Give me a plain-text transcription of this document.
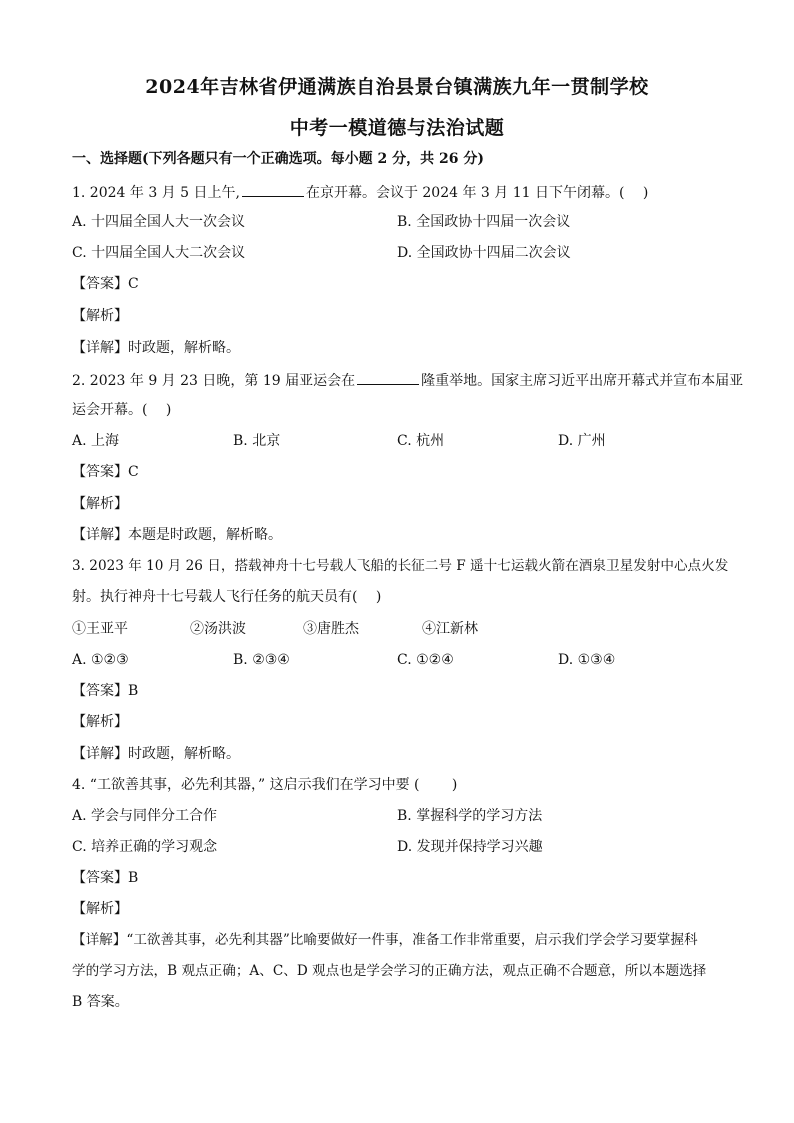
2024年吉林省伊通满族自治县景台镇满族九年一贯制学校
中考一模道德与法治试题
一、选择题(下列各题只有一个正确选项。每小题 2 分，共 26 分)
1. 2024 年 3 月 5 日上午,	在京开幕。会议于 2024 年 3 月 11 日下午闭幕。(　 )
A. 十四届全国人大一次会议	B. 全国政协十四届一次会议
C. 十四届全国人大二次会议	D. 全国政协十四届二次会议
【答案】C
【解析】
【详解】时政题，解析略。
2. 2023 年 9 月 23 日晚，第 19 届亚运会在	隆重举地。国家主席习近平出席开幕式并宣布本届亚
运会开幕。(　 )
A. 上海	B. 北京	C. 杭州	D. 广州
【答案】C
【解析】
【详解】本题是时政题，解析略。
3. 2023 年 10 月 26 日，搭载神舟十七号载人飞船的长征二号 F 遥十七运载火箭在酒泉卫星发射中心点火发
射。执行神舟十七号载人飞行任务的航天员有(　 )
①王亚平	②汤洪波	③唐胜杰	④江新林
A. ①②③	B. ②③④	C. ①②④	D. ①③④
【答案】B
【解析】
【详解】时政题，解析略。
4. “工欲善其事，必先利其器，” 这启示我们在学习中要 (　　 )
A. 学会与同伴分工合作	B. 掌握科学的学习方法
C. 培养正确的学习观念	D. 发现并保持学习兴趣
【答案】B
【解析】
【详解】“工欲善其事，必先利其器”比喻要做好一件事，准备工作非常重要，启示我们学会学习要掌握科
学的学习方法，B 观点正确；A、C、D 观点也是学会学习的正确方法，观点正确不合题意，所以本题选择
B 答案。
